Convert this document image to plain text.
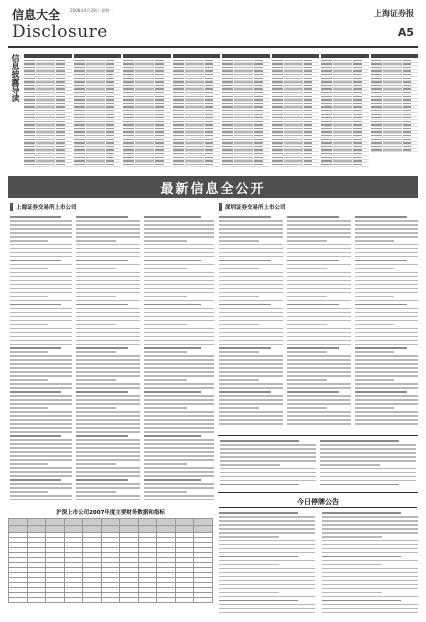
信息大全 2008年4月28日 星期一
Disclosure
上海证券报
A5
信息披露导读
最新信息全公开
上海证券交易所上市公司	深圳证券交易所上市公司
今日停牌公告
沪深上市公司2007年度主要财务数据和指标
